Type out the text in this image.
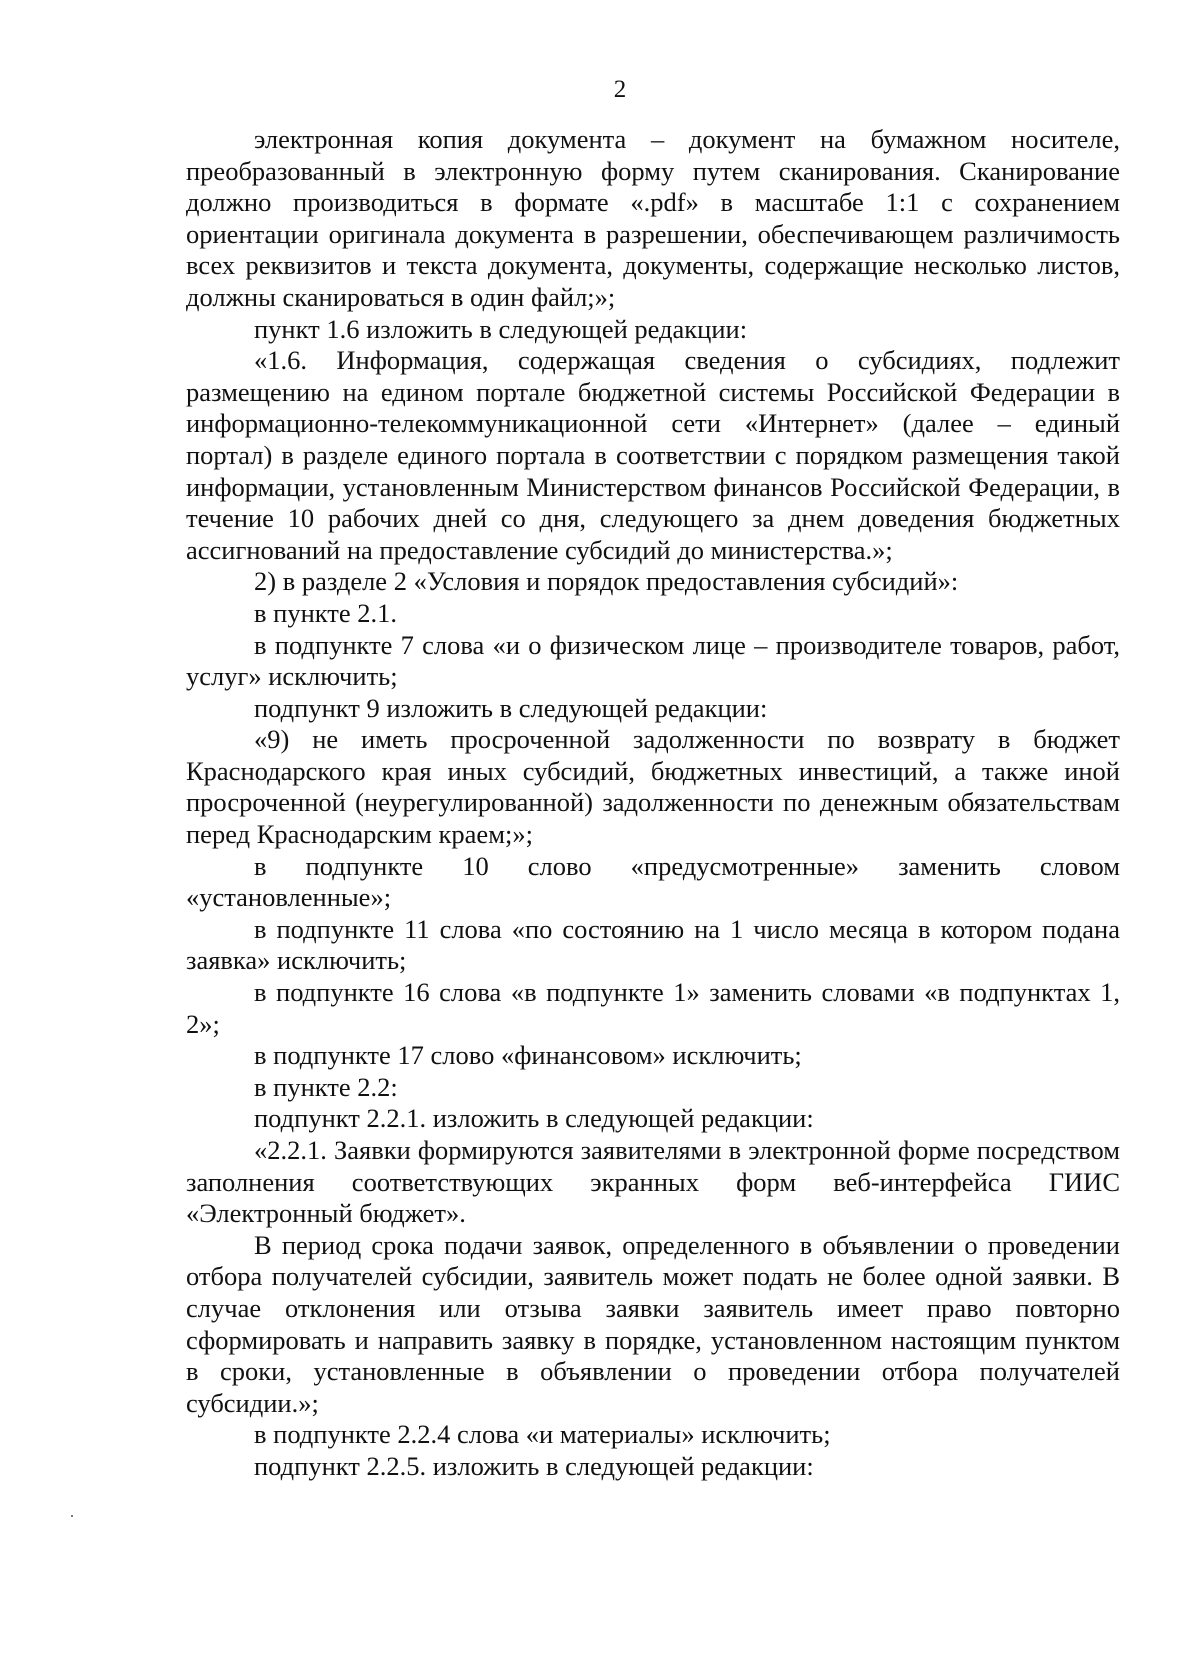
2

электронная копия документа – документ на бумажном носителе, преобразованный в электронную форму путем сканирования. Сканирование должно производиться в формате «.pdf» в масштабе 1:1 с сохранением ориентации оригинала документа в разрешении, обеспечивающем различимость всех реквизитов и текста документа, документы, содержащие несколько листов, должны сканироваться в один файл;»;

пункт 1.6 изложить в следующей редакции:

«1.6. Информация, содержащая сведения о субсидиях, подлежит размещению на едином портале бюджетной системы Российской Федерации в информационно-телекоммуникационной сети «Интернет» (далее – единый портал) в разделе единого портала в соответствии с порядком размещения такой информации, установленным Министерством финансов Российской Федерации, в течение 10 рабочих дней со дня, следующего за днем доведения бюджетных ассигнований на предоставление субсидий до министерства.»;

2) в разделе 2 «Условия и порядок предоставления субсидий»:

в пункте 2.1.

в подпункте 7 слова «и о физическом лице – производителе товаров, работ, услуг» исключить;

подпункт 9 изложить в следующей редакции:

«9) не иметь просроченной задолженности по возврату в бюджет Краснодарского края иных субсидий, бюджетных инвестиций, а также иной просроченной (неурегулированной) задолженности по денежным обязательствам перед Краснодарским краем;»;

в подпункте 10 слово «предусмотренные» заменить словом «установленные»;

в подпункте 11 слова «по состоянию на 1 число месяца в котором подана заявка» исключить;

в подпункте 16 слова «в подпункте 1» заменить словами «в подпунктах 1, 2»;

в подпункте 17 слово «финансовом» исключить;

в пункте 2.2:

подпункт 2.2.1. изложить в следующей редакции:

«2.2.1. Заявки формируются заявителями в электронной форме посредством заполнения соответствующих экранных форм веб-интерфейса ГИИС «Электронный бюджет».

В период срока подачи заявок, определенного в объявлении о проведении отбора получателей субсидии, заявитель может подать не более одной заявки. В случае отклонения или отзыва заявки заявитель имеет право повторно сформировать и направить заявку в порядке, установленном настоящим пунктом в сроки, установленные в объявлении о проведении отбора получателей субсидии.»;

в подпункте 2.2.4 слова «и материалы» исключить;

подпункт 2.2.5. изложить в следующей редакции:
